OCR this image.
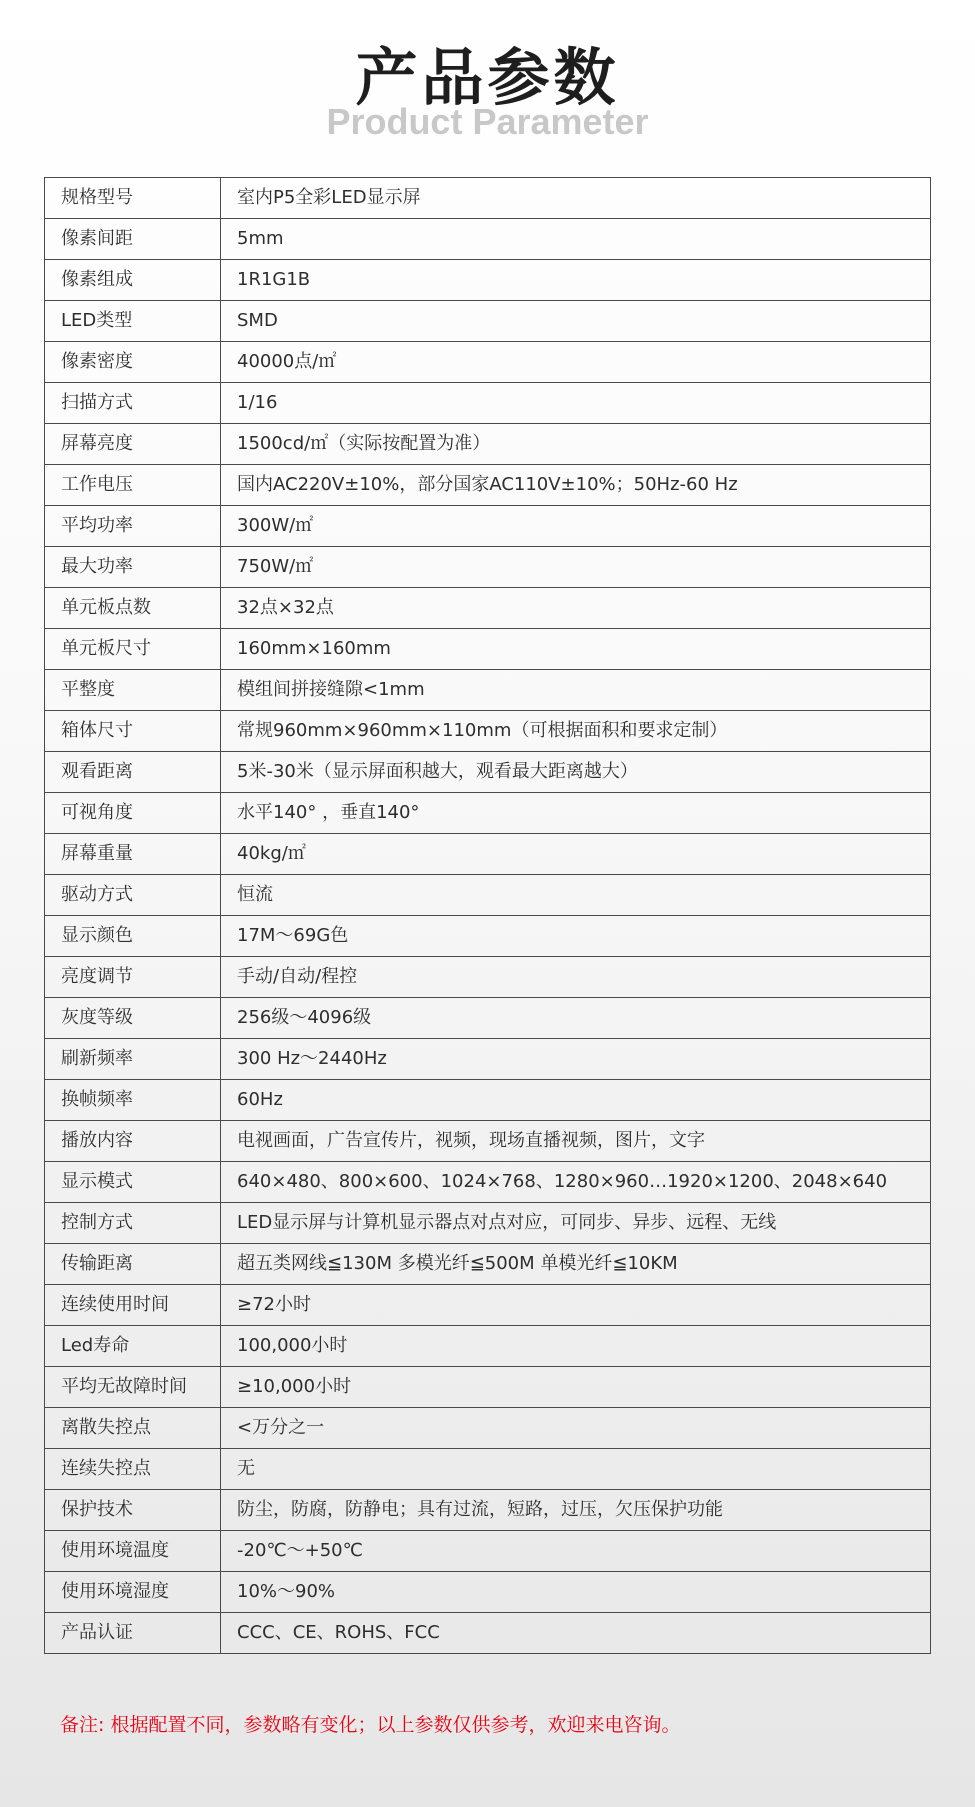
产品参数
Product Parameter
规格型号	室内P5全彩LED显示屏
像素间距	5mm
像素组成	1R1G1B
LED类型	SMD
像素密度	40000点/㎡
扫描方式	1/16
屏幕亮度	1500cd/㎡（实际按配置为准）
工作电压	国内AC220V±10%，部分国家AC110V±10%；50Hz-60 Hz
平均功率	300W/㎡
最大功率	750W/㎡
单元板点数	32点×32点
单元板尺寸	160mm×160mm
平整度	模组间拼接缝隙<1mm
箱体尺寸	常规960mm×960mm×110mm（可根据面积和要求定制）
观看距离	5米-30米（显示屏面积越大，观看最大距离越大）
可视角度	水平140° ，垂直140°
屏幕重量	40kg/㎡
驱动方式	恒流
显示颜色	17M～69G色
亮度调节	手动/自动/程控
灰度等级	256级～4096级
刷新频率	300 Hz～2440Hz
换帧频率	60Hz
播放内容	电视画面，广告宣传片，视频，现场直播视频，图片，文字
显示模式	640×480、800×600、1024×768、1280×960…1920×1200、2048×640
控制方式	LED显示屏与计算机显示器点对点对应，可同步、异步、远程、无线
传输距离	超五类网线≦130M 多模光纤≦500M 单模光纤≦10KM
连续使用时间	≥72小时
Led寿命	100,000小时
平均无故障时间	≥10,000小时
离散失控点	<万分之一
连续失控点	无
保护技术	防尘，防腐，防静电；具有过流，短路，过压，欠压保护功能
使用环境温度	-20℃～+50℃
使用环境湿度	10%～90%
产品认证	CCC、CE、ROHS、FCC
备注: 根据配置不同，参数略有变化；以上参数仅供参考，欢迎来电咨询。
